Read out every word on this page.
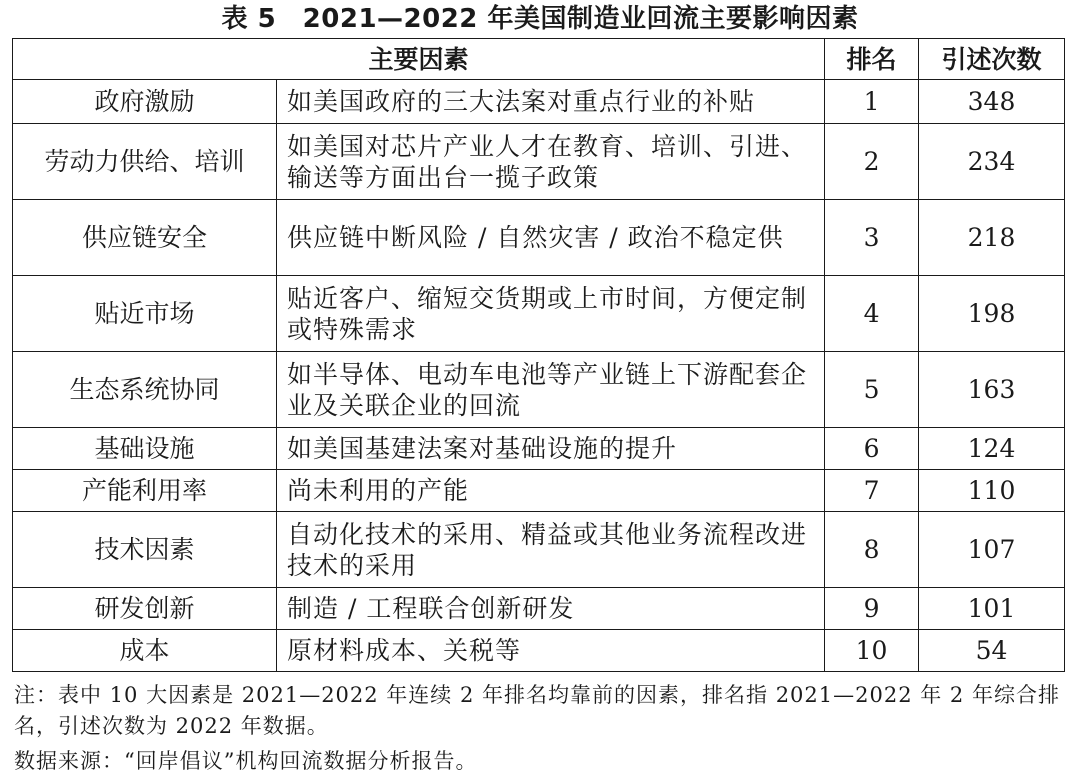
表 5　2021—2022 年美国制造业回流主要影响因素
主要因素		排名	引述次数
政府激励	如美国政府的三大法案对重点行业的补贴	1	348
劳动力供给、培训	如美国对芯片产业人才在教育、培训、引进、输送等方面出台一揽子政策	2	234
供应链安全	供应链中断风险 / 自然灾害 / 政治不稳定供	3	218
贴近市场	贴近客户、缩短交货期或上市时间，方便定制或特殊需求	4	198
生态系统协同	如半导体、电动车电池等产业链上下游配套企业及关联企业的回流	5	163
基础设施	如美国基建法案对基础设施的提升	6	124
产能利用率	尚未利用的产能	7	110
技术因素	自动化技术的采用、精益或其他业务流程改进技术的采用	8	107
研发创新	制造 / 工程联合创新研发	9	101
成本	原材料成本、关税等	10	54
注：表中 10 大因素是 2021—2022 年连续 2 年排名均靠前的因素，排名指 2021—2022 年 2 年综合排名，引述次数为 2022 年数据。
数据来源：“回岸倡议”机构回流数据分析报告。
